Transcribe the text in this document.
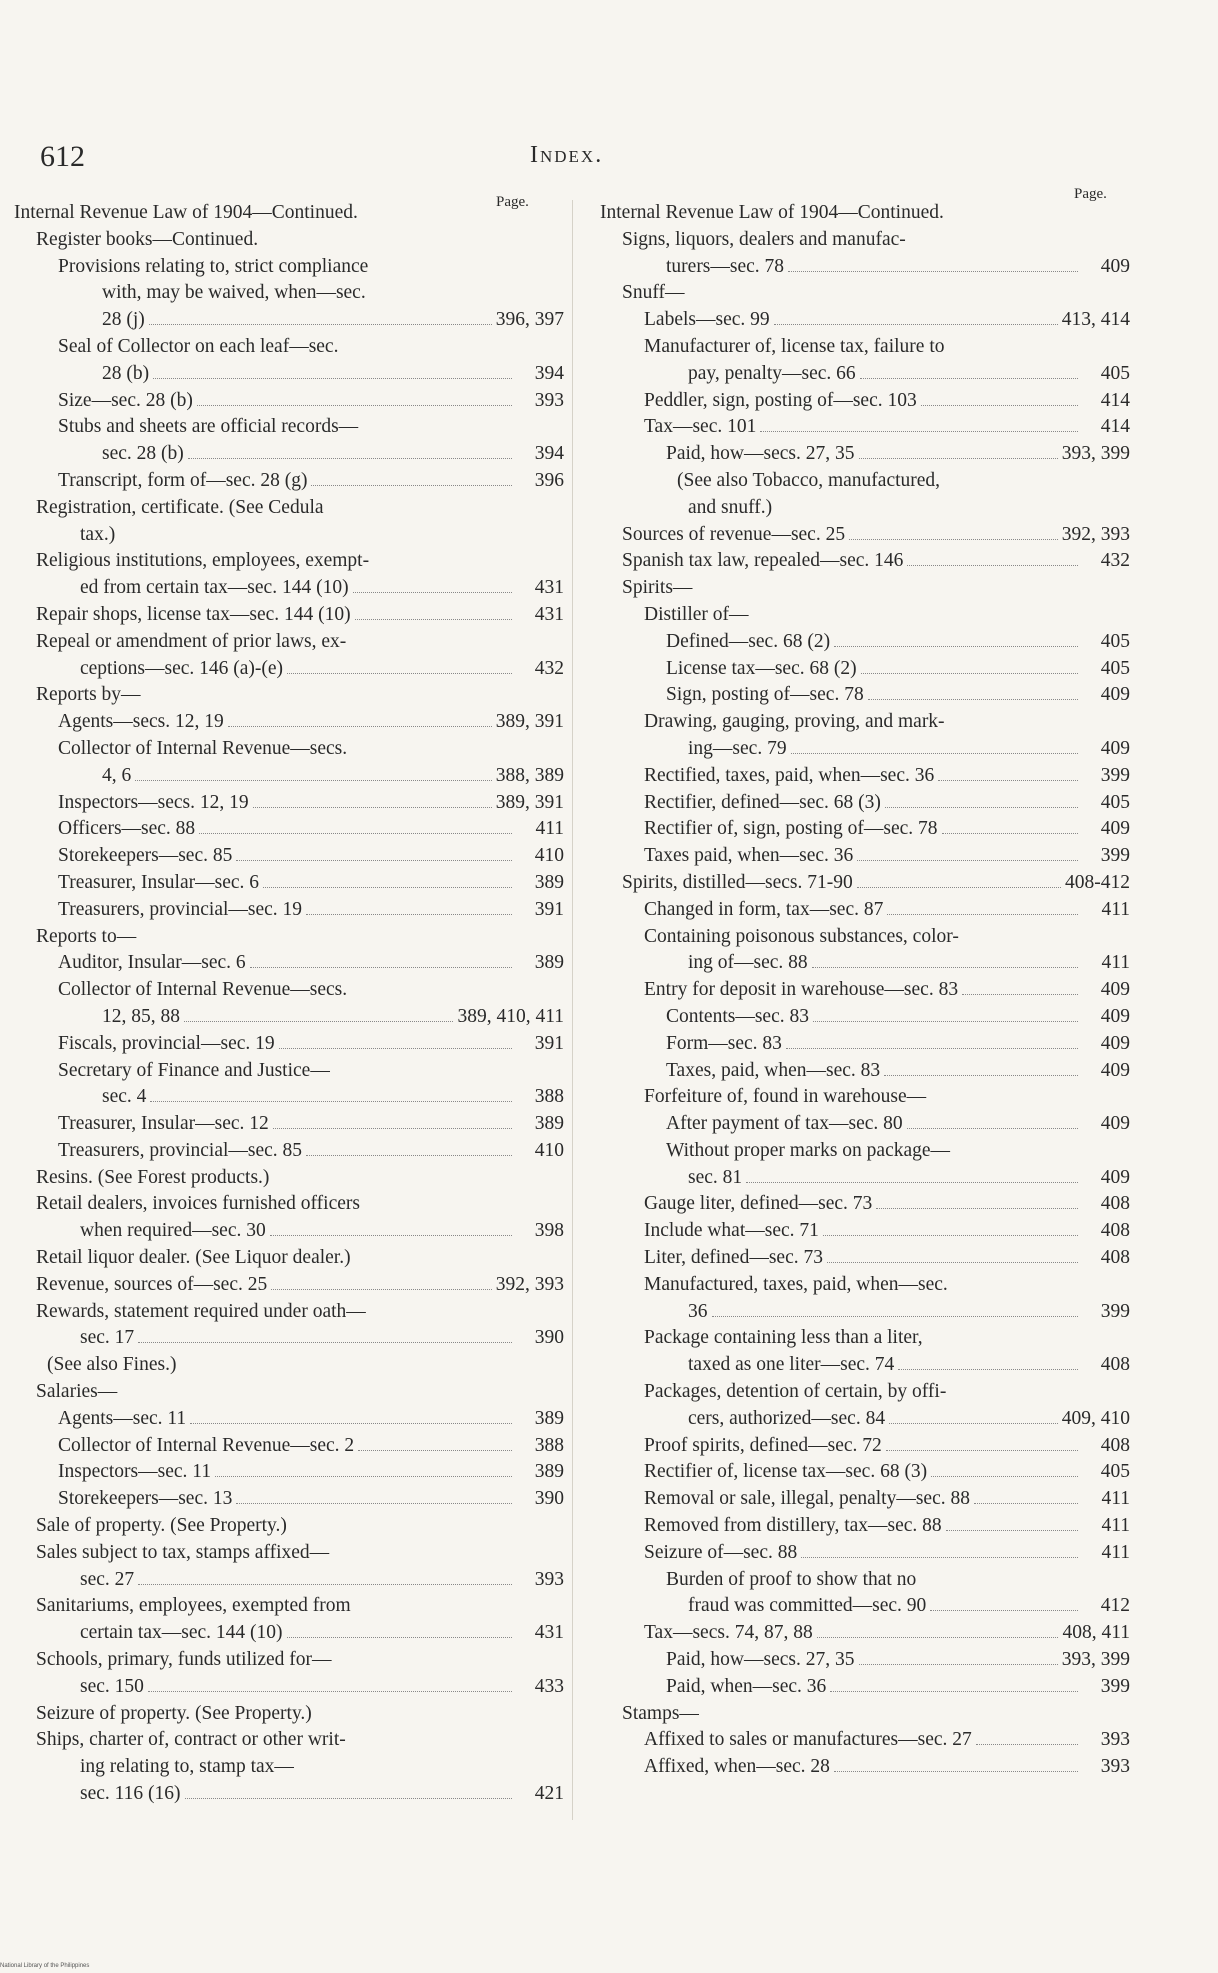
612	Index.
Page.
Internal Revenue Law of 1904—Continued.
Register books—Continued.
Provisions relating to, strict compliance
with, may be waived, when—sec.
28 (j)	396, 397
Seal of Collector on each leaf—sec.
28 (b)	394
Size—sec. 28 (b)	393
Stubs and sheets are official records—
sec. 28 (b)	394
Transcript, form of—sec. 28 (g)	396
Registration, certificate. (See Cedula
tax.)
Religious institutions, employees, exempt-
ed from certain tax—sec. 144 (10)	431
Repair shops, license tax—sec. 144 (10)	431
Repeal or amendment of prior laws, ex-
ceptions—sec. 146 (a)-(e)	432
Reports by—
Agents—secs. 12, 19	389, 391
Collector of Internal Revenue—secs.
4, 6	388, 389
Inspectors—secs. 12, 19	389, 391
Officers—sec. 88	411
Storekeepers—sec. 85	410
Treasurer, Insular—sec. 6	389
Treasurers, provincial—sec. 19	391
Reports to—
Auditor, Insular—sec. 6	389
Collector of Internal Revenue—secs.
12, 85, 88	389, 410, 411
Fiscals, provincial—sec. 19	391
Secretary of Finance and Justice—
sec. 4	388
Treasurer, Insular—sec. 12	389
Treasurers, provincial—sec. 85	410
Resins. (See Forest products.)
Retail dealers, invoices furnished officers
when required—sec. 30	398
Retail liquor dealer. (See Liquor dealer.)
Revenue, sources of—sec. 25	392, 393
Rewards, statement required under oath—
sec. 17	390
(See also Fines.)
Salaries—
Agents—sec. 11	389
Collector of Internal Revenue—sec. 2	388
Inspectors—sec. 11	389
Storekeepers—sec. 13	390
Sale of property. (See Property.)
Sales subject to tax, stamps affixed—
sec. 27	393
Sanitariums, employees, exempted from
certain tax—sec. 144 (10)	431
Schools, primary, funds utilized for—
sec. 150	433
Seizure of property. (See Property.)
Ships, charter of, contract or other writ-
ing relating to, stamp tax—
sec. 116 (16)	421
Page.
Internal Revenue Law of 1904—Continued.
Signs, liquors, dealers and manufac-
turers—sec. 78	409
Snuff—
Labels—sec. 99	413, 414
Manufacturer of, license tax, failure to
pay, penalty—sec. 66	405
Peddler, sign, posting of—sec. 103	414
Tax—sec. 101	414
Paid, how—secs. 27, 35	393, 399
(See also Tobacco, manufactured,
and snuff.)
Sources of revenue—sec. 25	392, 393
Spanish tax law, repealed—sec. 146	432
Spirits—
Distiller of—
Defined—sec. 68 (2)	405
License tax—sec. 68 (2)	405
Sign, posting of—sec. 78	409
Drawing, gauging, proving, and mark-
ing—sec. 79	409
Rectified, taxes, paid, when—sec. 36	399
Rectifier, defined—sec. 68 (3)	405
Rectifier of, sign, posting of—sec. 78	409
Taxes paid, when—sec. 36	399
Spirits, distilled—secs. 71-90	408-412
Changed in form, tax—sec. 87	411
Containing poisonous substances, color-
ing of—sec. 88	411
Entry for deposit in warehouse—sec. 83	409
Contents—sec. 83	409
Form—sec. 83	409
Taxes, paid, when—sec. 83	409
Forfeiture of, found in warehouse—
After payment of tax—sec. 80	409
Without proper marks on package—
sec. 81	409
Gauge liter, defined—sec. 73	408
Include what—sec. 71	408
Liter, defined—sec. 73	408
Manufactured, taxes, paid, when—sec.
36	399
Package containing less than a liter,
taxed as one liter—sec. 74	408
Packages, detention of certain, by offi-
cers, authorized—sec. 84	409, 410
Proof spirits, defined—sec. 72	408
Rectifier of, license tax—sec. 68 (3)	405
Removal or sale, illegal, penalty—sec. 88	411
Removed from distillery, tax—sec. 88	411
Seizure of—sec. 88	411
Burden of proof to show that no
fraud was committed—sec. 90	412
Tax—secs. 74, 87, 88	408, 411
Paid, how—secs. 27, 35	393, 399
Paid, when—sec. 36	399
Stamps—
Affixed to sales or manufactures—sec. 27	393
Affixed, when—sec. 28	393
National Library of the Philippines
